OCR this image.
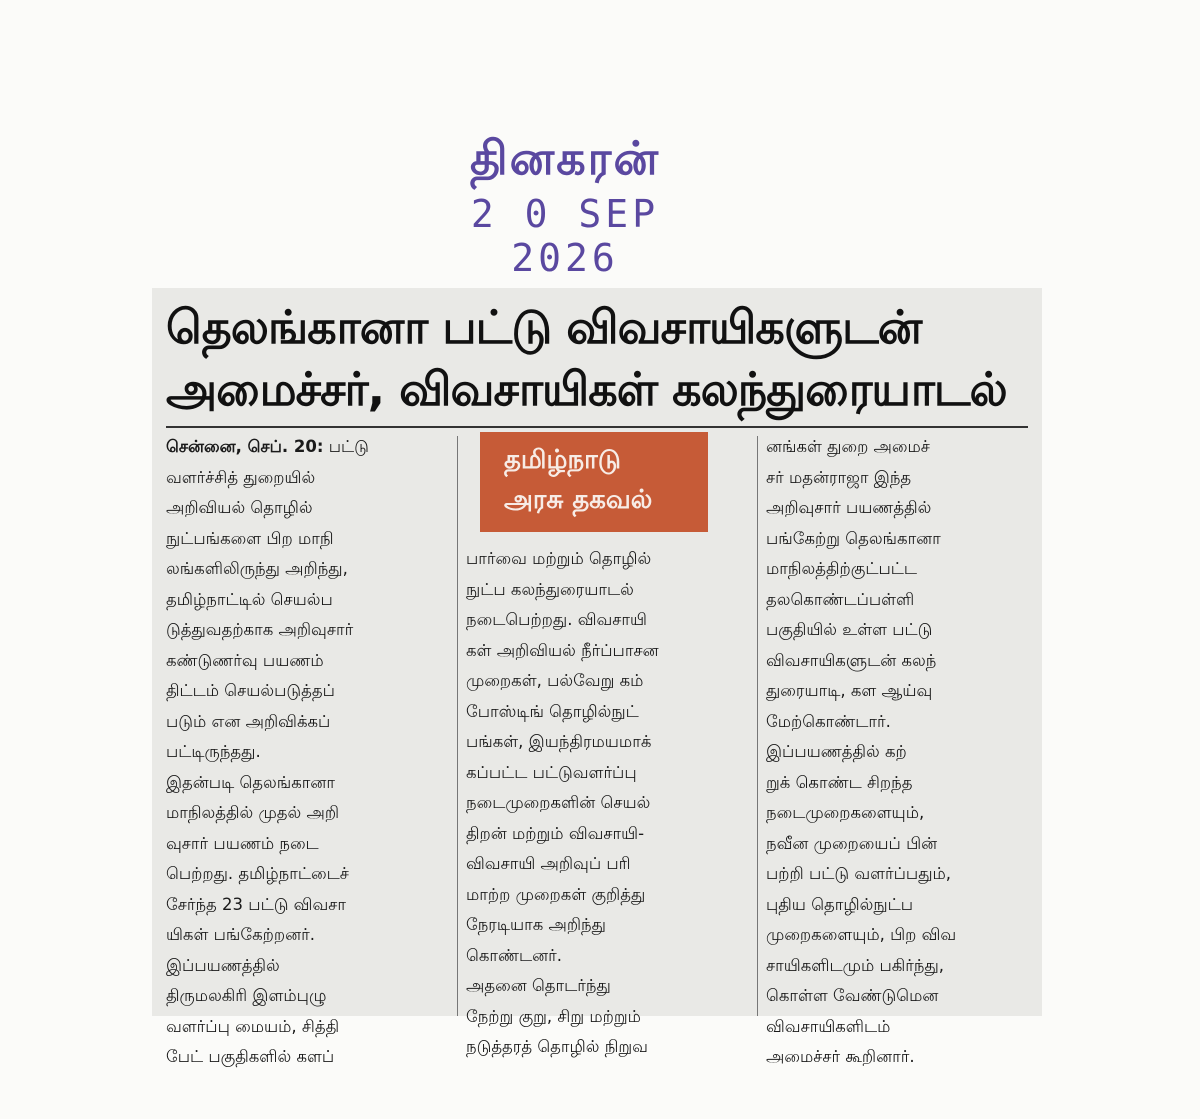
தினகரன்
2 0 SEP 2026
தெலங்கானா பட்டு விவசாயிகளுடன்
அமைச்சர், விவசாயிகள் கலந்துரையாடல்

சென்னை, செப். 20: பட்டு

வளர்ச்சித் துறையில்

அறிவியல் தொழில்

நுட்பங்களை பிற மாநி

லங்களிலிருந்து அறிந்து,

தமிழ்நாட்டில் செயல்ப

டுத்துவதற்காக அறிவுசார்

கண்டுணர்வு பயணம்

திட்டம் செயல்படுத்தப்

படும் என அறிவிக்கப்

பட்டிருந்தது.

இதன்படி தெலங்கானா

மாநிலத்தில் முதல் அறி

வுசார் பயணம் நடை

பெற்றது. தமிழ்நாட்டைச்

சேர்ந்த 23 பட்டு விவசா

யிகள் பங்கேற்றனர்.

இப்பயணத்தில்

திருமலகிரி இளம்புழு

வளர்ப்பு மையம், சித்தி

பேட் பகுதிகளில் களப்

தமிழ்நாடு
அரசு தகவல்

பார்வை மற்றும் தொழில்

நுட்ப கலந்துரையாடல்

நடைபெற்றது. விவசாயி

கள் அறிவியல் நீர்ப்பாசன

முறைகள், பல்வேறு கம்

போஸ்டிங் தொழில்நுட்

பங்கள், இயந்திரமயமாக்

கப்பட்ட பட்டுவளர்ப்பு

நடைமுறைகளின் செயல்

திறன் மற்றும் விவசாயி-

விவசாயி அறிவுப் பரி

மாற்ற முறைகள் குறித்து

நேரடியாக அறிந்து

கொண்டனர்.

அதனை தொடர்ந்து

நேற்று குறு, சிறு மற்றும்

நடுத்தரத் தொழில் நிறுவ

னங்கள் துறை அமைச்

சர் மதன்ராஜா இந்த

அறிவுசார் பயணத்தில்

பங்கேற்று தெலங்கானா

மாநிலத்திற்குட்பட்ட

தலகொண்டப்பள்ளி

பகுதியில் உள்ள பட்டு

விவசாயிகளுடன் கலந்

துரையாடி, கள ஆய்வு

மேற்கொண்டார்.

இப்பயணத்தில் கற்

றுக் கொண்ட சிறந்த

நடைமுறைகளையும்,

நவீன முறையைப் பின்

பற்றி பட்டு வளர்ப்பதும்,

புதிய தொழில்நுட்ப

முறைகளையும், பிற விவ

சாயிகளிடமும் பகிர்ந்து,

கொள்ள வேண்டுமென

விவசாயிகளிடம்

அமைச்சர் கூறினார்.
